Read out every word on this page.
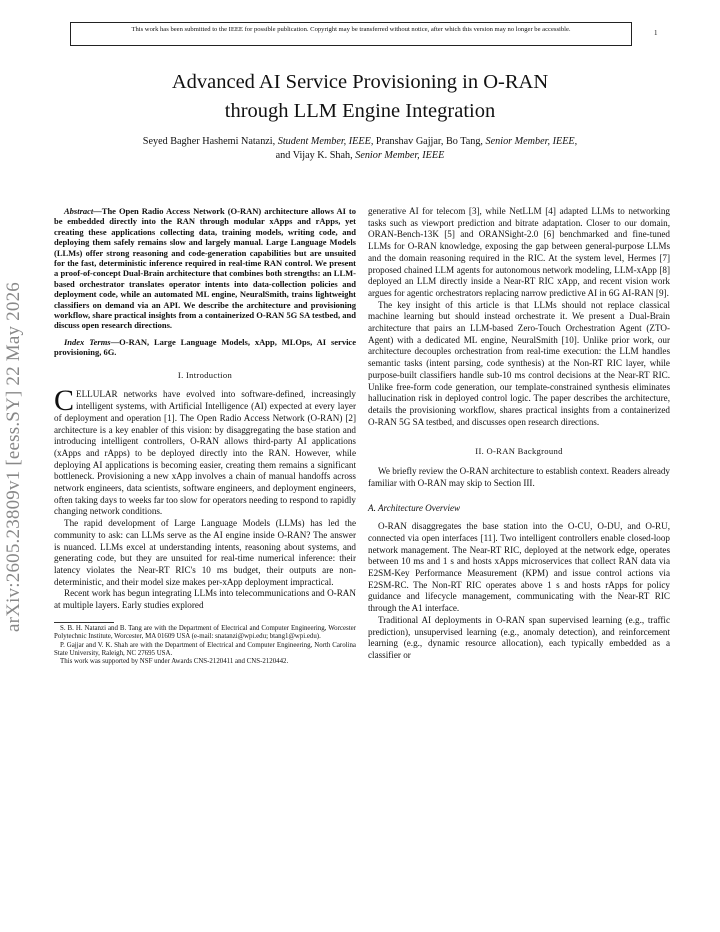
This work has been submitted to the IEEE for possible publication. Copyright may be transferred without notice, after which this version may no longer be accessible.	1
arXiv:2605.23809v1 [eess.SY] 22 May 2026
Advanced AI Service Provisioning in O-RAN
through LLM Engine Integration
Seyed Bagher Hashemi Natanzi, Student Member, IEEE, Pranshav Gajjar, Bo Tang, Senior Member, IEEE,
and Vijay K. Shah, Senior Member, IEEE
Abstract—The Open Radio Access Network (O-RAN) architecture allows AI to be embedded directly into the RAN through modular xApps and rApps, yet creating these applications collecting data, training models, writing code, and deploying them safely remains slow and largely manual. Large Language Models (LLMs) offer strong reasoning and code-generation capabilities but are unsuited for the fast, deterministic inference required in real-time RAN control. We present a proof-of-concept Dual-Brain architecture that combines both strengths: an LLM-based orchestrator translates operator intents into data-collection policies and deployment code, while an automated ML engine, NeuralSmith, trains lightweight classifiers on demand via an API. We describe the architecture and provisioning workflow, share practical insights from a containerized O-RAN 5G SA testbed, and discuss open research directions.
Index Terms—O-RAN, Large Language Models, xApp, MLOps, AI service provisioning, 6G.
I. Introduction

CELLULAR networks have evolved into software-defined, increasingly intelligent systems, with Artificial Intelligence (AI) expected at every layer of deployment and operation [1]. The Open Radio Access Network (O-RAN) [2] architecture is a key enabler of this vision: by disaggregating the base station and introducing intelligent controllers, O-RAN allows third-party AI applications (xApps and rApps) to be deployed directly into the RAN. However, while deploying AI applications is becoming easier, creating them remains a significant bottleneck. Provisioning a new xApp involves a chain of manual handoffs across network engineers, data scientists, software engineers, and deployment engineers, often taking days to weeks far too slow for operators needing to respond to rapidly changing network conditions.

The rapid development of Large Language Models (LLMs) has led the community to ask: can LLMs serve as the AI engine inside O-RAN? The answer is nuanced. LLMs excel at understanding intents, reasoning about systems, and generating code, but they are unsuited for real-time numerical inference: their latency violates the Near-RT RIC's 10 ms budget, their outputs are non-deterministic, and their model size makes per-xApp deployment impractical.

Recent work has begun integrating LLMs into telecommunications and O-RAN at multiple layers. Early studies explored

S. B. H. Natanzi and B. Tang are with the Department of Electrical and Computer Engineering, Worcester Polytechnic Institute, Worcester, MA 01609 USA (e-mail: snatanzi@wpi.edu; btang1@wpi.edu).

P. Gajjar and V. K. Shah are with the Department of Electrical and Computer Engineering, North Carolina State University, Raleigh, NC 27695 USA.

This work was supported by NSF under Awards CNS-2120411 and CNS-2120442.

generative AI for telecom [3], while NetLLM [4] adapted LLMs to networking tasks such as viewport prediction and bitrate adaptation. Closer to our domain, ORAN-Bench-13K [5] and ORANSight-2.0 [6] benchmarked and fine-tuned LLMs for O-RAN knowledge, exposing the gap between general-purpose LLMs and the domain reasoning required in the RIC. At the system level, Hermes [7] proposed chained LLM agents for autonomous network modeling, LLM-xApp [8] deployed an LLM directly inside a Near-RT RIC xApp, and recent vision work argues for agentic orchestrators replacing narrow predictive AI in 6G AI-RAN [9].

The key insight of this article is that LLMs should not replace classical machine learning but should instead orchestrate it. We present a Dual-Brain architecture that pairs an LLM-based Zero-Touch Orchestration Agent (ZTO-Agent) with a dedicated ML engine, NeuralSmith [10]. Unlike prior work, our architecture decouples orchestration from real-time execution: the LLM handles semantic tasks (intent parsing, code synthesis) at the Non-RT RIC layer, while purpose-built classifiers handle sub-10 ms control decisions at the Near-RT RIC. Unlike free-form code generation, our template-constrained synthesis eliminates hallucination risk in deployed control logic. The paper describes the architecture, details the provisioning workflow, shares practical insights from a containerized O-RAN 5G SA testbed, and discusses open research directions.

II. O-RAN Background

We briefly review the O-RAN architecture to establish context. Readers already familiar with O-RAN may skip to Section III.

A. Architecture Overview

O-RAN disaggregates the base station into the O-CU, O-DU, and O-RU, connected via open interfaces [11]. Two intelligent controllers enable closed-loop network management. The Near-RT RIC, deployed at the network edge, operates between 10 ms and 1 s and hosts xApps microservices that collect RAN data via E2SM-Key Performance Measurement (KPM) and issue control actions via E2SM-RC. The Non-RT RIC operates above 1 s and hosts rApps for policy guidance and lifecycle management, communicating with the Near-RT RIC through the A1 interface.

Traditional AI deployments in O-RAN span supervised learning (e.g., traffic prediction), unsupervised learning (e.g., anomaly detection), and reinforcement learning (e.g., dynamic resource allocation), each typically embedded as a classifier or
